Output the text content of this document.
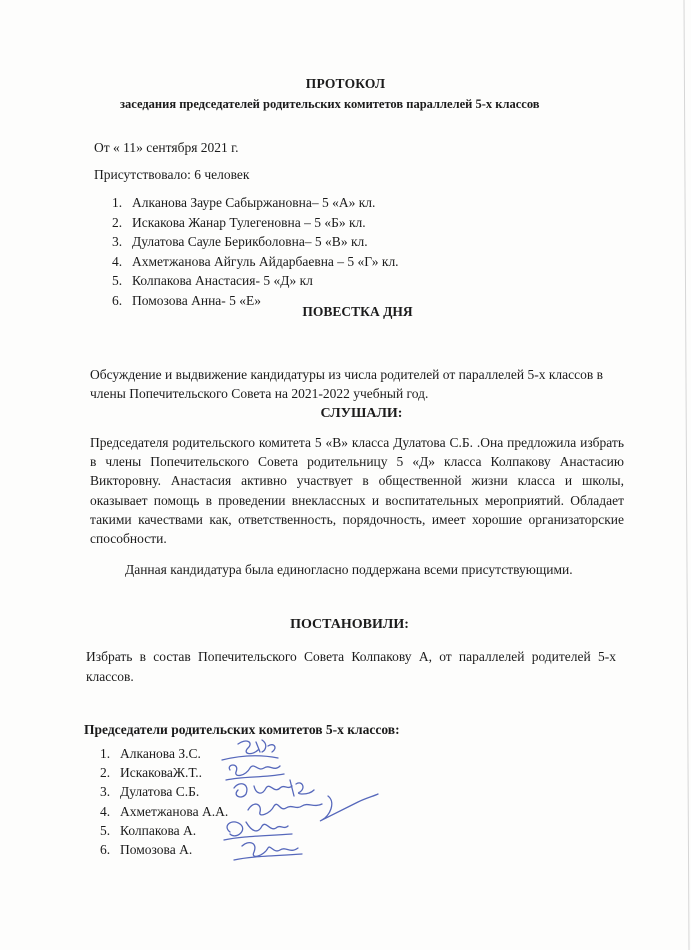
ПРОТОКОЛ
заседания председателей родительских комитетов параллелей 5-х классов
От « 11» сентября 2021 г.
Присутствовало: 6 человек
1. Алканова Зауре Сабыржановна– 5 «А» кл.
2. Искакова Жанар Тулегеновна – 5 «Б» кл.
3. Дулатова Сауле Берикболовна– 5 «В» кл.
4. Ахметжанова Айгуль Айдарбаевна – 5 «Г» кл.
5. Колпакова Анастасия- 5 «Д» кл
6. Помозова Анна- 5 «Е»
ПОВЕСТКА ДНЯ
Обсуждение и выдвижение кандидатуры из числа родителей от параллелей 5-х классов в члены Попечительского Совета на 2021-2022 учебный год.
СЛУШАЛИ:
Председателя родительского комитета 5 «В» класса Дулатова С.Б. .Она предложила избрать в члены Попечительского Совета родительницу 5 «Д» класса Колпакову Анастасию Викторовну. Анастасия активно участвует в общественной жизни класса и школы, оказывает помощь в проведении внеклассных и воспитательных мероприятий. Обладает такими качествами как, ответственность, порядочность, имеет хорошие организаторские способности.
Данная кандидатура была единогласно поддержана всеми присутствующими.
ПОСТАНОВИЛИ:
Избрать в состав Попечительского Совета Колпакову А, от параллелей родителей 5-х классов.
Председатели родительских комитетов 5-х классов:
1. Алканова З.С.
2. ИскаковаЖ.Т..
3. Дулатова С.Б.
4. Ахметжанова А.А.
5. Колпакова А.
6. Помозова А.
